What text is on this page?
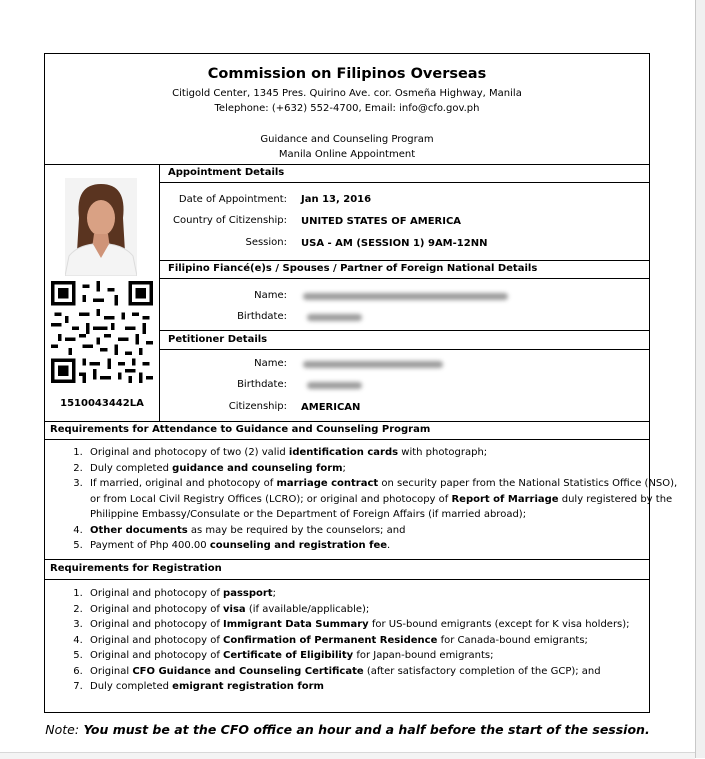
Commission on Filipinos Overseas
Citigold Center, 1345 Pres. Quirino Ave. cor. Osmeña Highway, Manila
Telephone: (+632) 552-4700, Email: info@cfo.gov.ph
Guidance and Counseling Program
Manila Online Appointment
1510043442LA
Appointment Details
Date of Appointment: Jan 13, 2016
Country of Citizenship: UNITED STATES OF AMERICA
Session: USA - AM (SESSION 1) 9AM-12NN
Filipino Fiancé(e)s / Spouses / Partner of Foreign National Details
Name:
Birthdate:
Petitioner Details
Name:
Birthdate:
Citizenship: AMERICAN
Requirements for Attendance to Guidance and Counseling Program
1. Original and photocopy of two (2) valid identification cards with photograph;
2. Duly completed guidance and counseling form;
3. If married, original and photocopy of marriage contract on security paper from the National Statistics Office (NSO), or from Local Civil Registry Offices (LCRO); or original and photocopy of Report of Marriage duly registered by the Philippine Embassy/Consulate or the Department of Foreign Affairs (if married abroad);
4. Other documents as may be required by the counselors; and
5. Payment of Php 400.00 counseling and registration fee.
Requirements for Registration
1. Original and photocopy of passport;
2. Original and photocopy of visa (if available/applicable);
3. Original and photocopy of Immigrant Data Summary for US-bound emigrants (except for K visa holders);
4. Original and photocopy of Confirmation of Permanent Residence for Canada-bound emigrants;
5. Original and photocopy of Certificate of Eligibility for Japan-bound emigrants;
6. Original CFO Guidance and Counseling Certificate (after satisfactory completion of the GCP); and
7. Duly completed emigrant registration form
Note: You must be at the CFO office an hour and a half before the start of the session.
